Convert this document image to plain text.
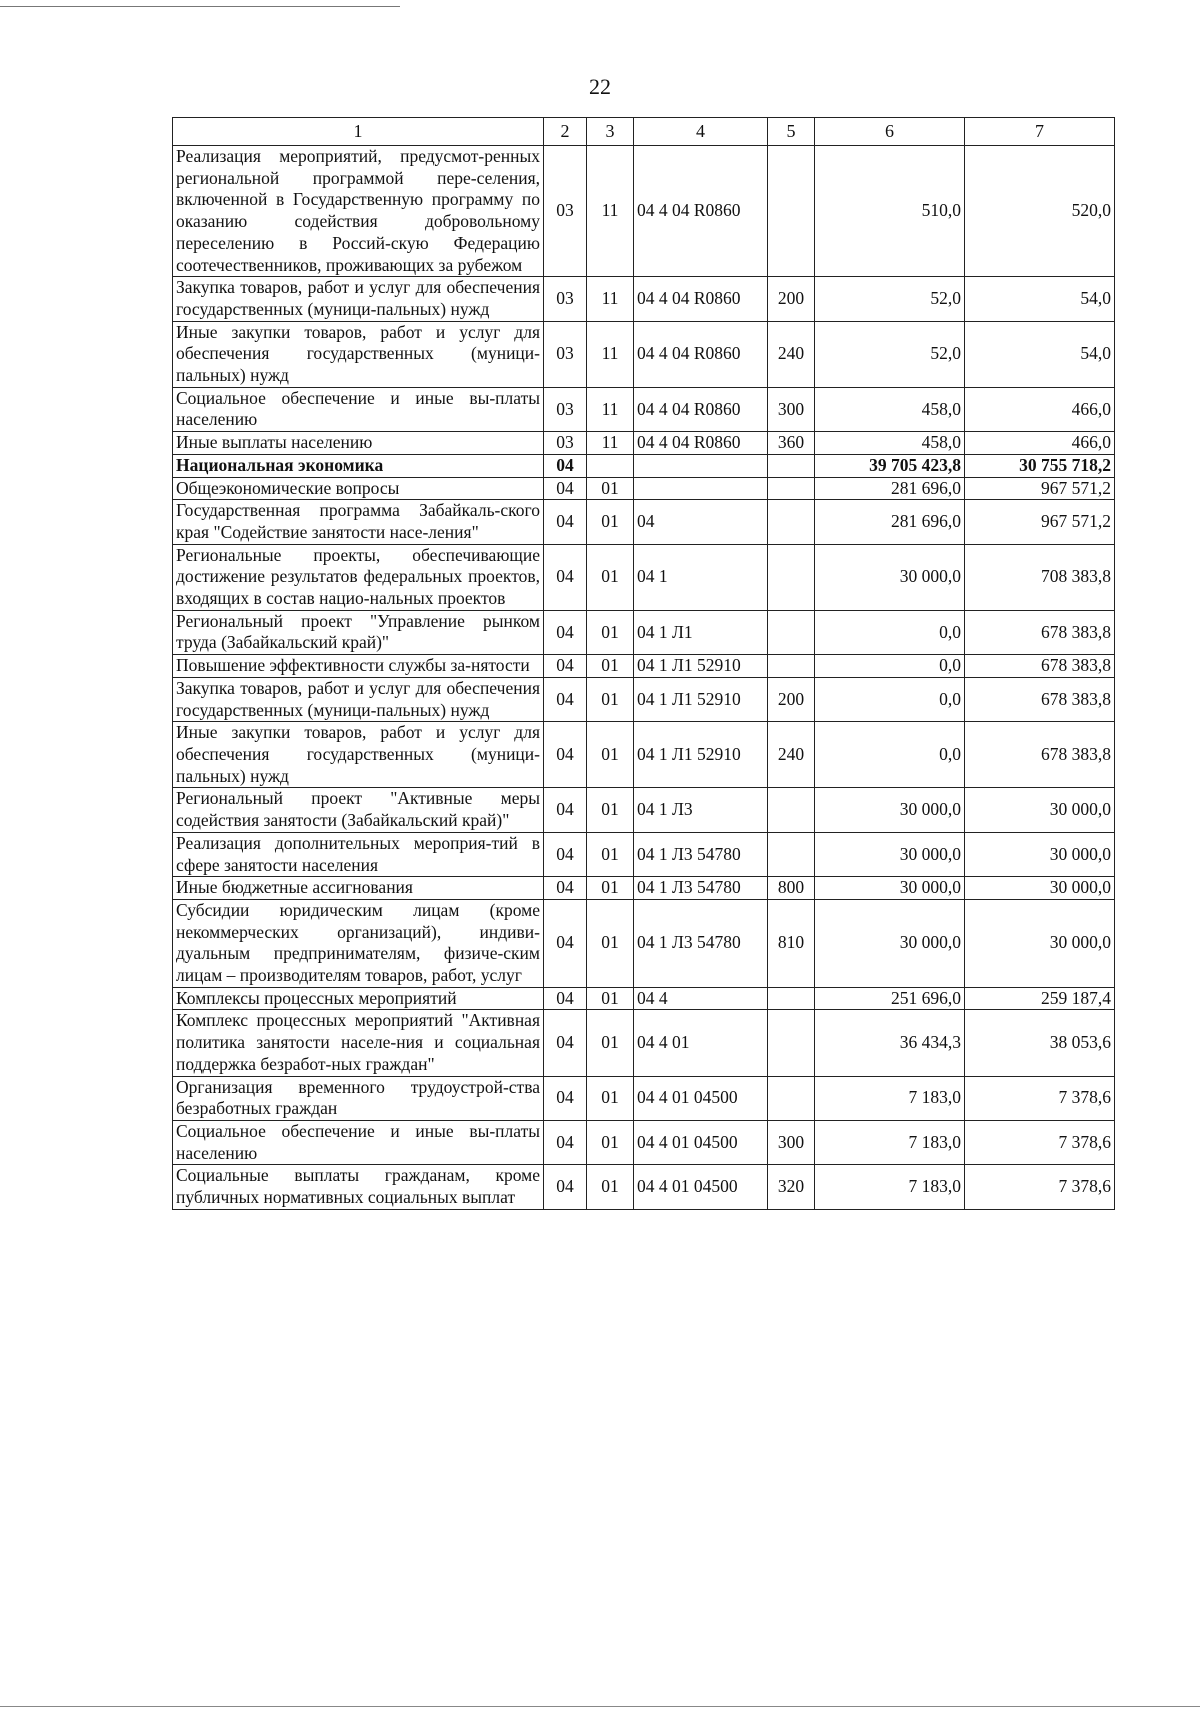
22
1	2	3	4	5	6	7
Реализация мероприятий, предусмот-ренных региональной программой пере-селения, включенной в Государственную программу по оказанию содействия добровольному переселению в Россий-скую Федерацию соотечественников, проживающих за рубежом	03	11	04 4 04 R0860		510,0	520,0
Закупка товаров, работ и услуг для обеспечения государственных (муници-пальных) нужд	03	11	04 4 04 R0860	200	52,0	54,0
Иные закупки товаров, работ и услуг для обеспечения государственных (муници-пальных) нужд	03	11	04 4 04 R0860	240	52,0	54,0
Социальное обеспечение и иные вы-платы населению	03	11	04 4 04 R0860	300	458,0	466,0
Иные выплаты населению	03	11	04 4 04 R0860	360	458,0	466,0
Национальная экономика	04				39 705 423,8	30 755 718,2
Общеэкономические вопросы	04	01			281 696,0	967 571,2
Государственная программа Забайкаль-ского края "Содействие занятости насе-ления"	04	01	04		281 696,0	967 571,2
Региональные проекты, обеспечивающие достижение результатов федеральных проектов, входящих в состав нацио-нальных проектов	04	01	04 1		30 000,0	708 383,8
Региональный проект "Управление рынком труда (Забайкальский край)"	04	01	04 1 Л1		0,0	678 383,8
Повышение эффективности службы за-нятости	04	01	04 1 Л1 52910		0,0	678 383,8
Закупка товаров, работ и услуг для обеспечения государственных (муници-пальных) нужд	04	01	04 1 Л1 52910	200	0,0	678 383,8
Иные закупки товаров, работ и услуг для обеспечения государственных (муници-пальных) нужд	04	01	04 1 Л1 52910	240	0,0	678 383,8
Региональный проект "Активные меры содействия занятости (Забайкальский край)"	04	01	04 1 Л3		30 000,0	30 000,0
Реализация дополнительных мероприя-тий в сфере занятости населения	04	01	04 1 Л3 54780		30 000,0	30 000,0
Иные бюджетные ассигнования	04	01	04 1 Л3 54780	800	30 000,0	30 000,0
Субсидии юридическим лицам (кроме некоммерческих организаций), индиви-дуальным предпринимателям, физиче-ским лицам – производителям товаров, работ, услуг	04	01	04 1 Л3 54780	810	30 000,0	30 000,0
Комплексы процессных мероприятий	04	01	04 4		251 696,0	259 187,4
Комплекс процессных мероприятий "Активная политика занятости населе-ния и социальная поддержка безработ-ных граждан"	04	01	04 4 01		36 434,3	38 053,6
Организация временного трудоустрой-ства безработных граждан	04	01	04 4 01 04500		7 183,0	7 378,6
Социальное обеспечение и иные вы-платы населению	04	01	04 4 01 04500	300	7 183,0	7 378,6
Социальные выплаты гражданам, кроме публичных нормативных социальных выплат	04	01	04 4 01 04500	320	7 183,0	7 378,6
